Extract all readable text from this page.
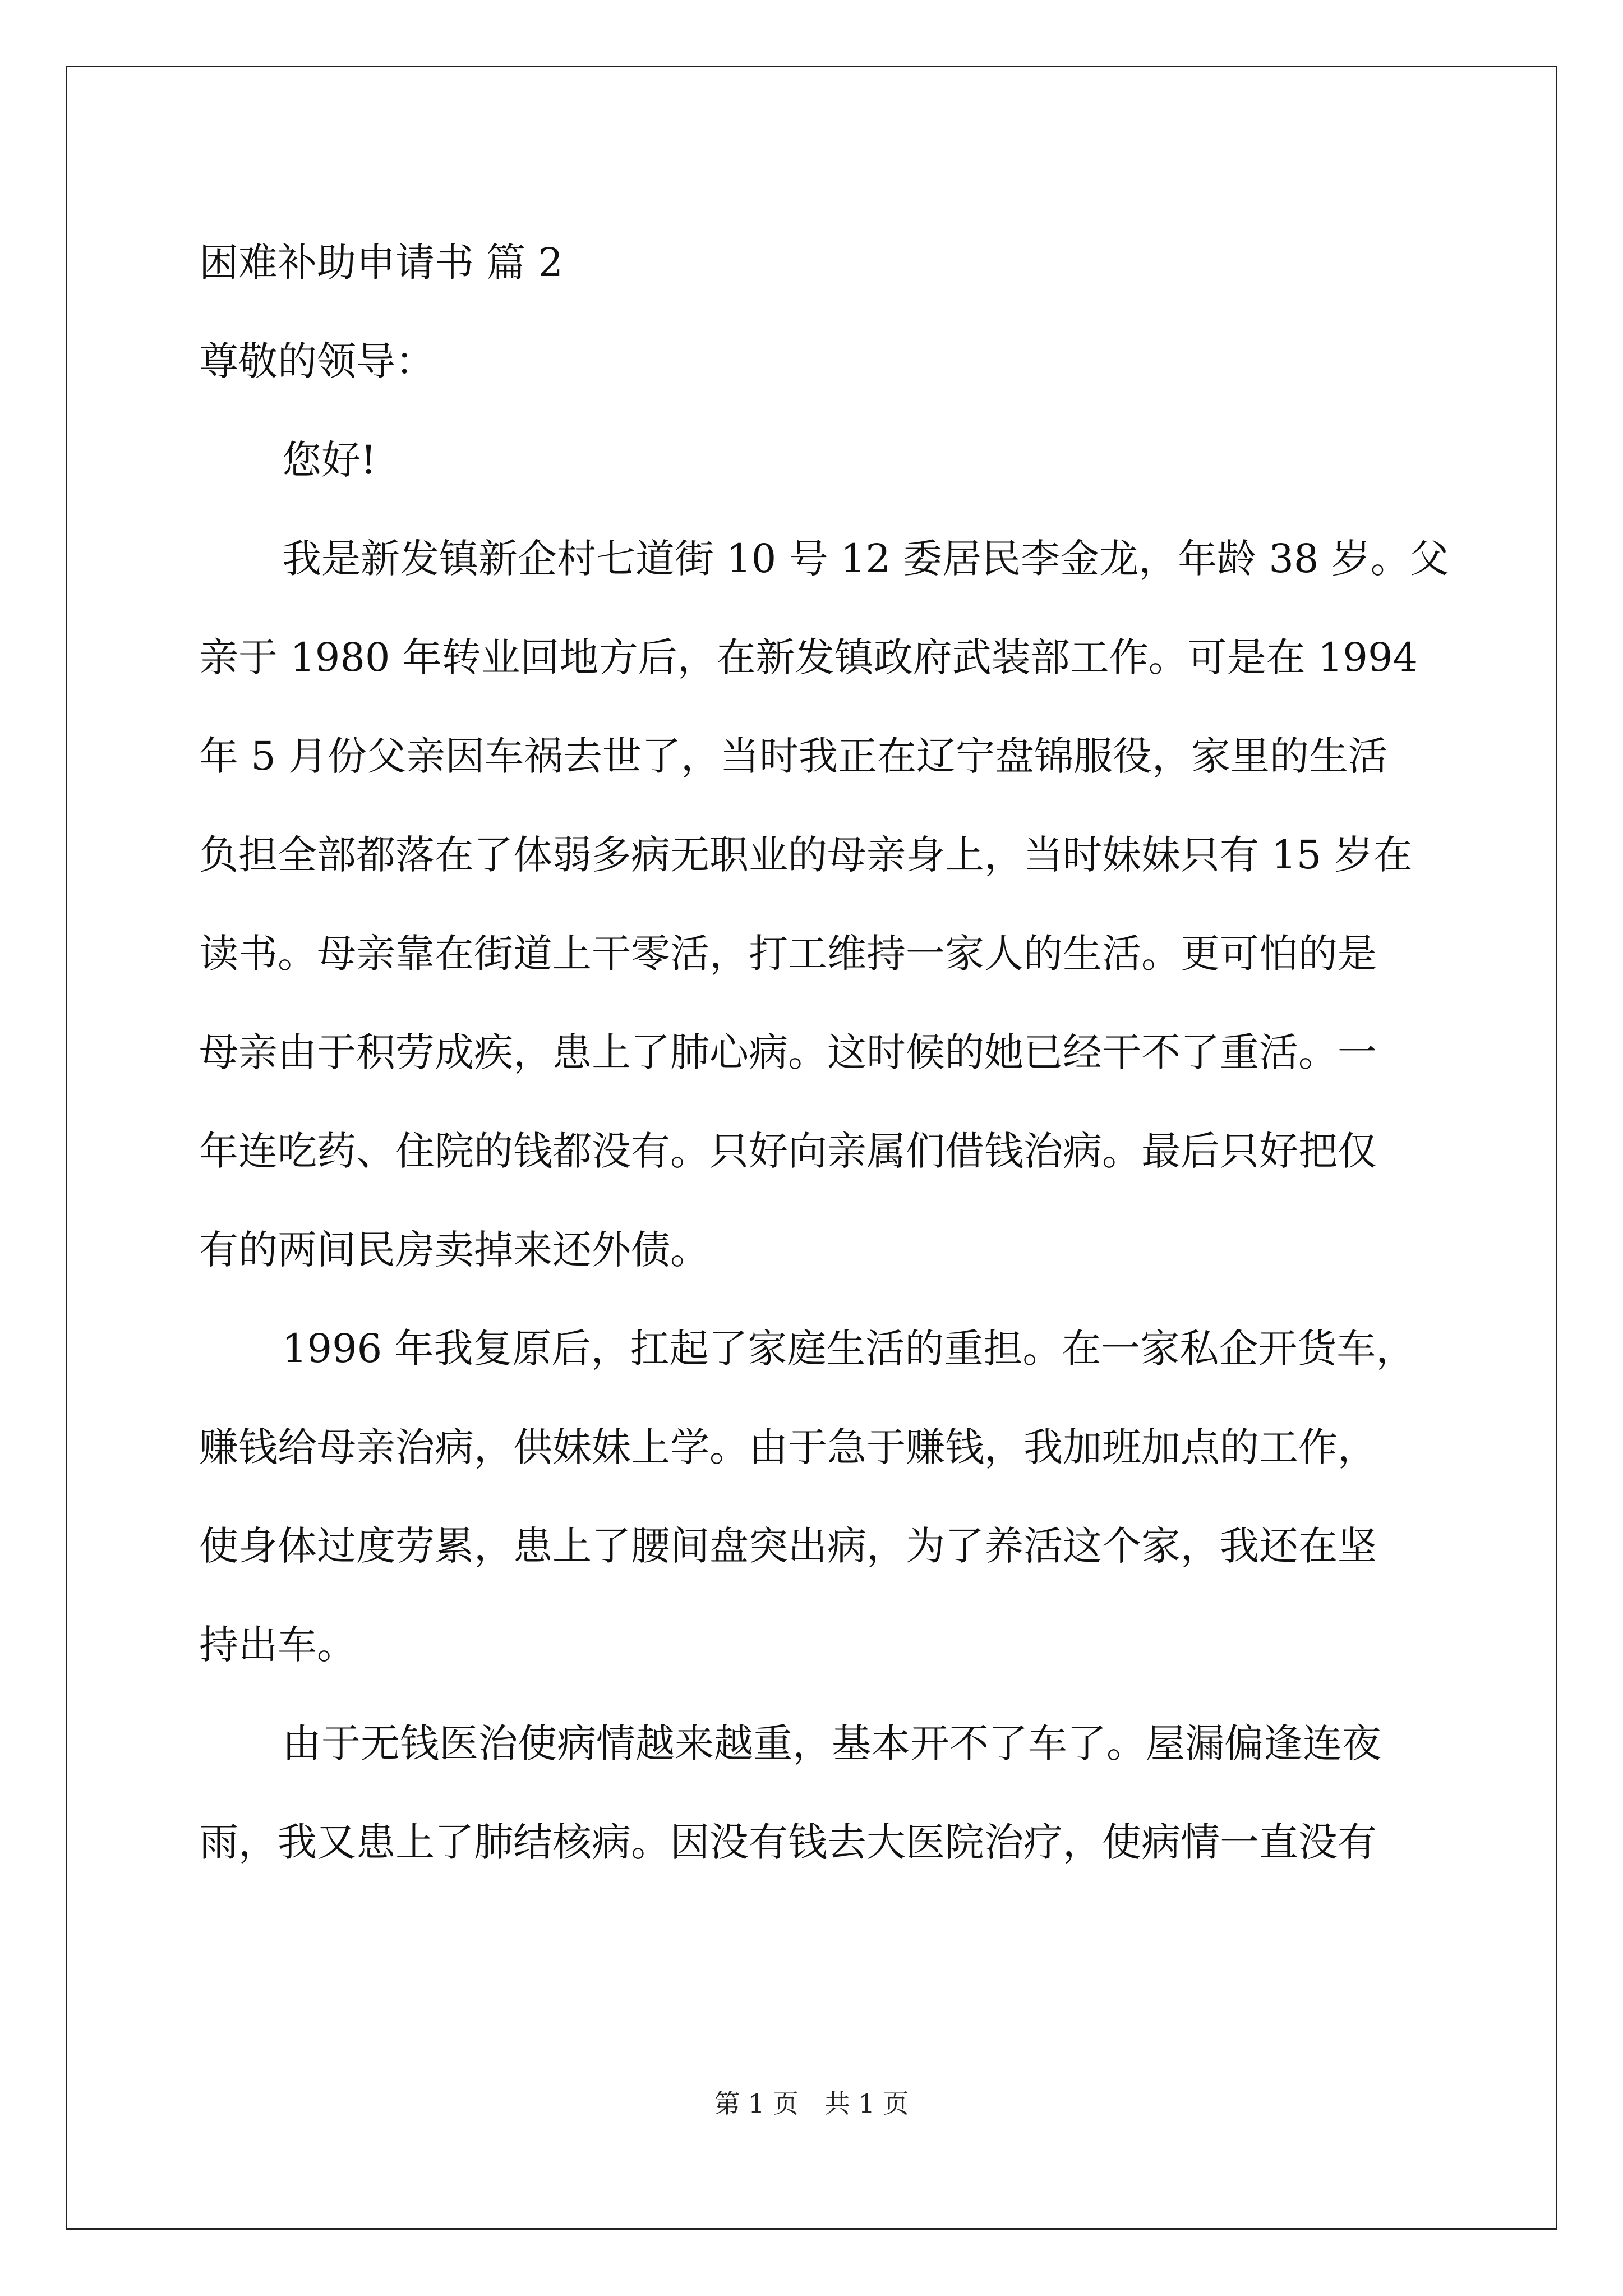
困难补助申请书 篇 2
尊敬的领导：
您好!
我是新发镇新企村七道街 10 号 12 委居民李金龙，年龄 38 岁。父
亲于 1980 年转业回地方后，在新发镇政府武装部工作。可是在 1994
年 5 月份父亲因车祸去世了，当时我正在辽宁盘锦服役，家里的生活
负担全部都落在了体弱多病无职业的母亲身上，当时妹妹只有 15 岁在
读书。母亲靠在街道上干零活，打工维持一家人的生活。更可怕的是
母亲由于积劳成疾，患上了肺心病。这时候的她已经干不了重活。一
年连吃药、住院的钱都没有。只好向亲属们借钱治病。最后只好把仅
有的两间民房卖掉来还外债。
1996 年我复原后，扛起了家庭生活的重担。在一家私企开货车，
赚钱给母亲治病，供妹妹上学。由于急于赚钱，我加班加点的工作，
使身体过度劳累，患上了腰间盘突出病，为了养活这个家，我还在坚
持出车。
由于无钱医治使病情越来越重，基本开不了车了。屋漏偏逢连夜
雨，我又患上了肺结核病。因没有钱去大医院治疗，使病情一直没有
第 1 页　共 1 页
